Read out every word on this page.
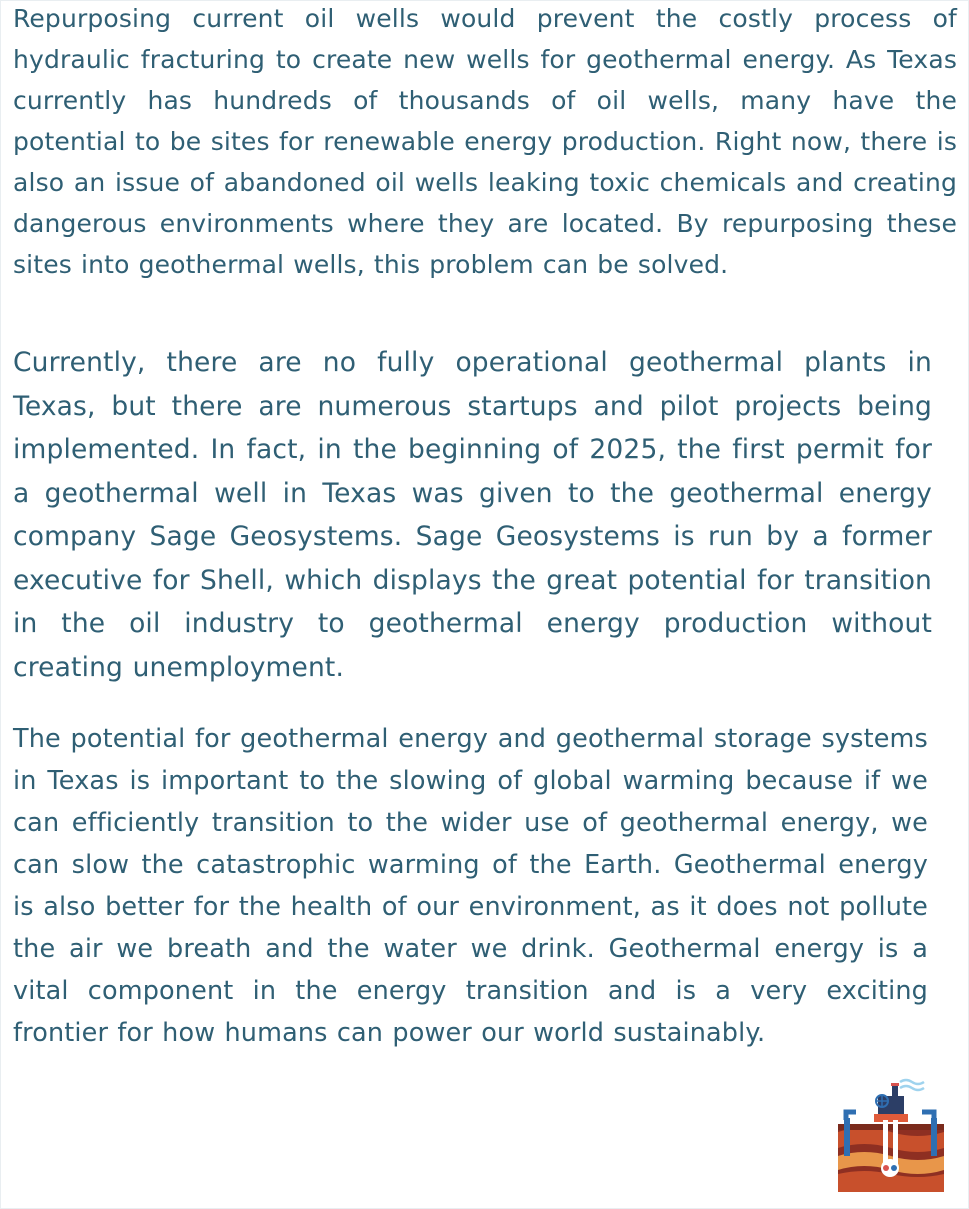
Repurposing current oil wells would prevent the costly process of hydraulic fracturing to create new wells for geothermal energy. As Texas currently has hundreds of thousands of oil wells, many have the potential to be sites for renewable energy production. Right now, there is also an issue of abandoned oil wells leaking toxic chemicals and creating dangerous environments where they are located. By repurposing these sites into geothermal wells, this problem can be solved.

Currently, there are no fully operational geothermal plants in Texas, but there are numerous startups and pilot projects being implemented. In fact, in the beginning of 2025, the first permit for a geothermal well in Texas was given to the geothermal energy company Sage Geosystems. Sage Geosystems is run by a former executive for Shell, which displays the great potential for transition in the oil industry to geothermal energy production without creating unemployment.

The potential for geothermal energy and geothermal storage systems in Texas is important to the slowing of global warming because if we can efficiently transition to the wider use of geothermal energy, we can slow the catastrophic warming of the Earth. Geothermal energy is also better for the health of our environment, as it does not pollute the air we breath and the water we drink. Geothermal energy is a vital component in the energy transition and is a very exciting frontier for how humans can power our world sustainably.
